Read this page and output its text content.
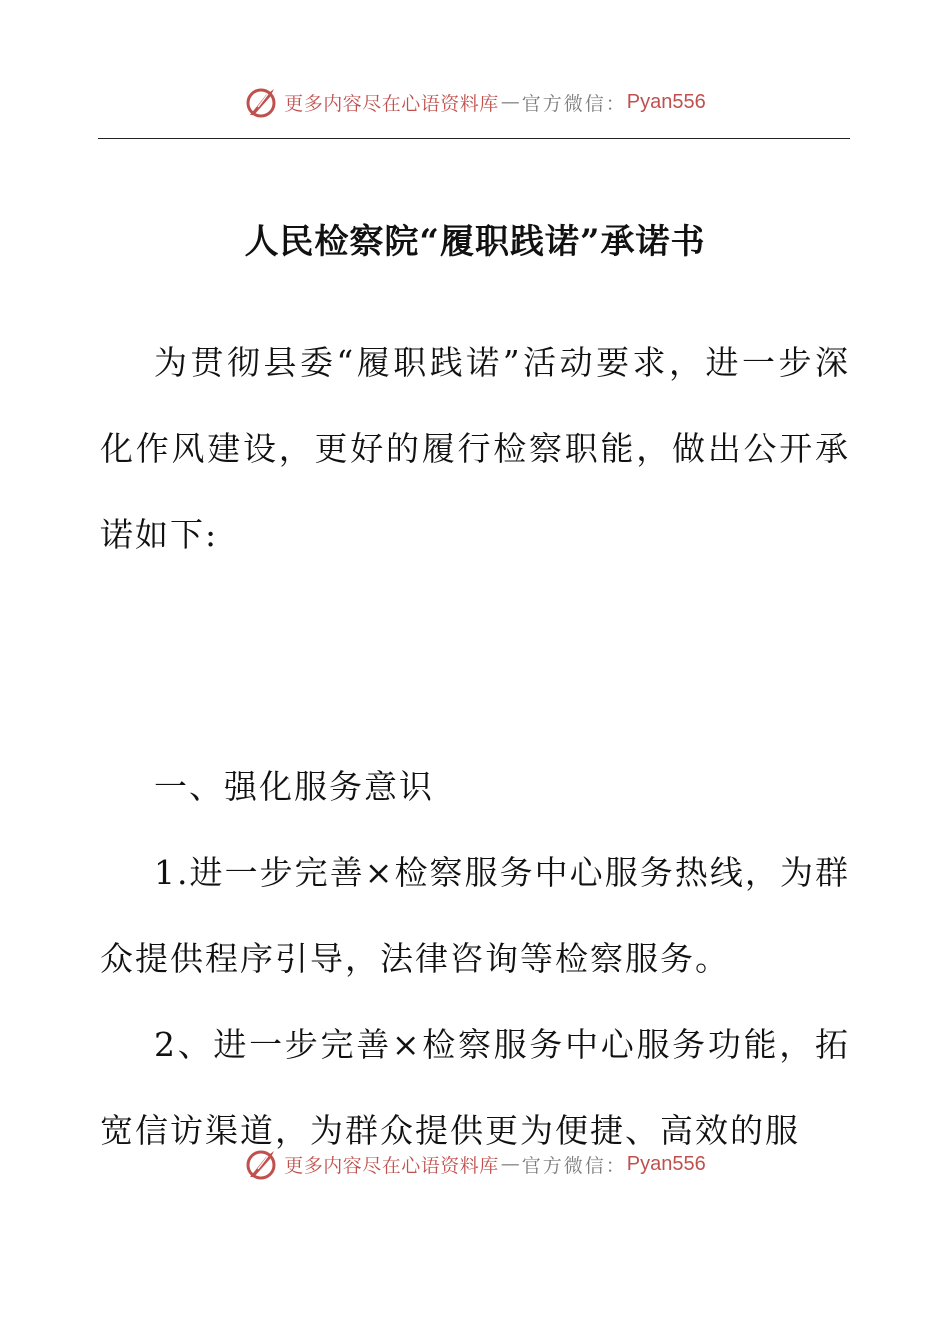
更多内容尽在心语资料库 — 官方微信： Pyan556
人民检察院“履职践诺”承诺书
为贯彻县委“履职践诺”活动要求，进一步深化作风建设，更好的履行检察职能，做出公开承诺如下:
一、强化服务意识
1.进一步完善×检察服务中心服务热线，为群众提供程序引导，法律咨询等检察服务。
2、进一步完善×检察服务中心服务功能，拓宽信访渠道，为群众提供更为便捷、高效的服
更多内容尽在心语资料库 — 官方微信： Pyan556
